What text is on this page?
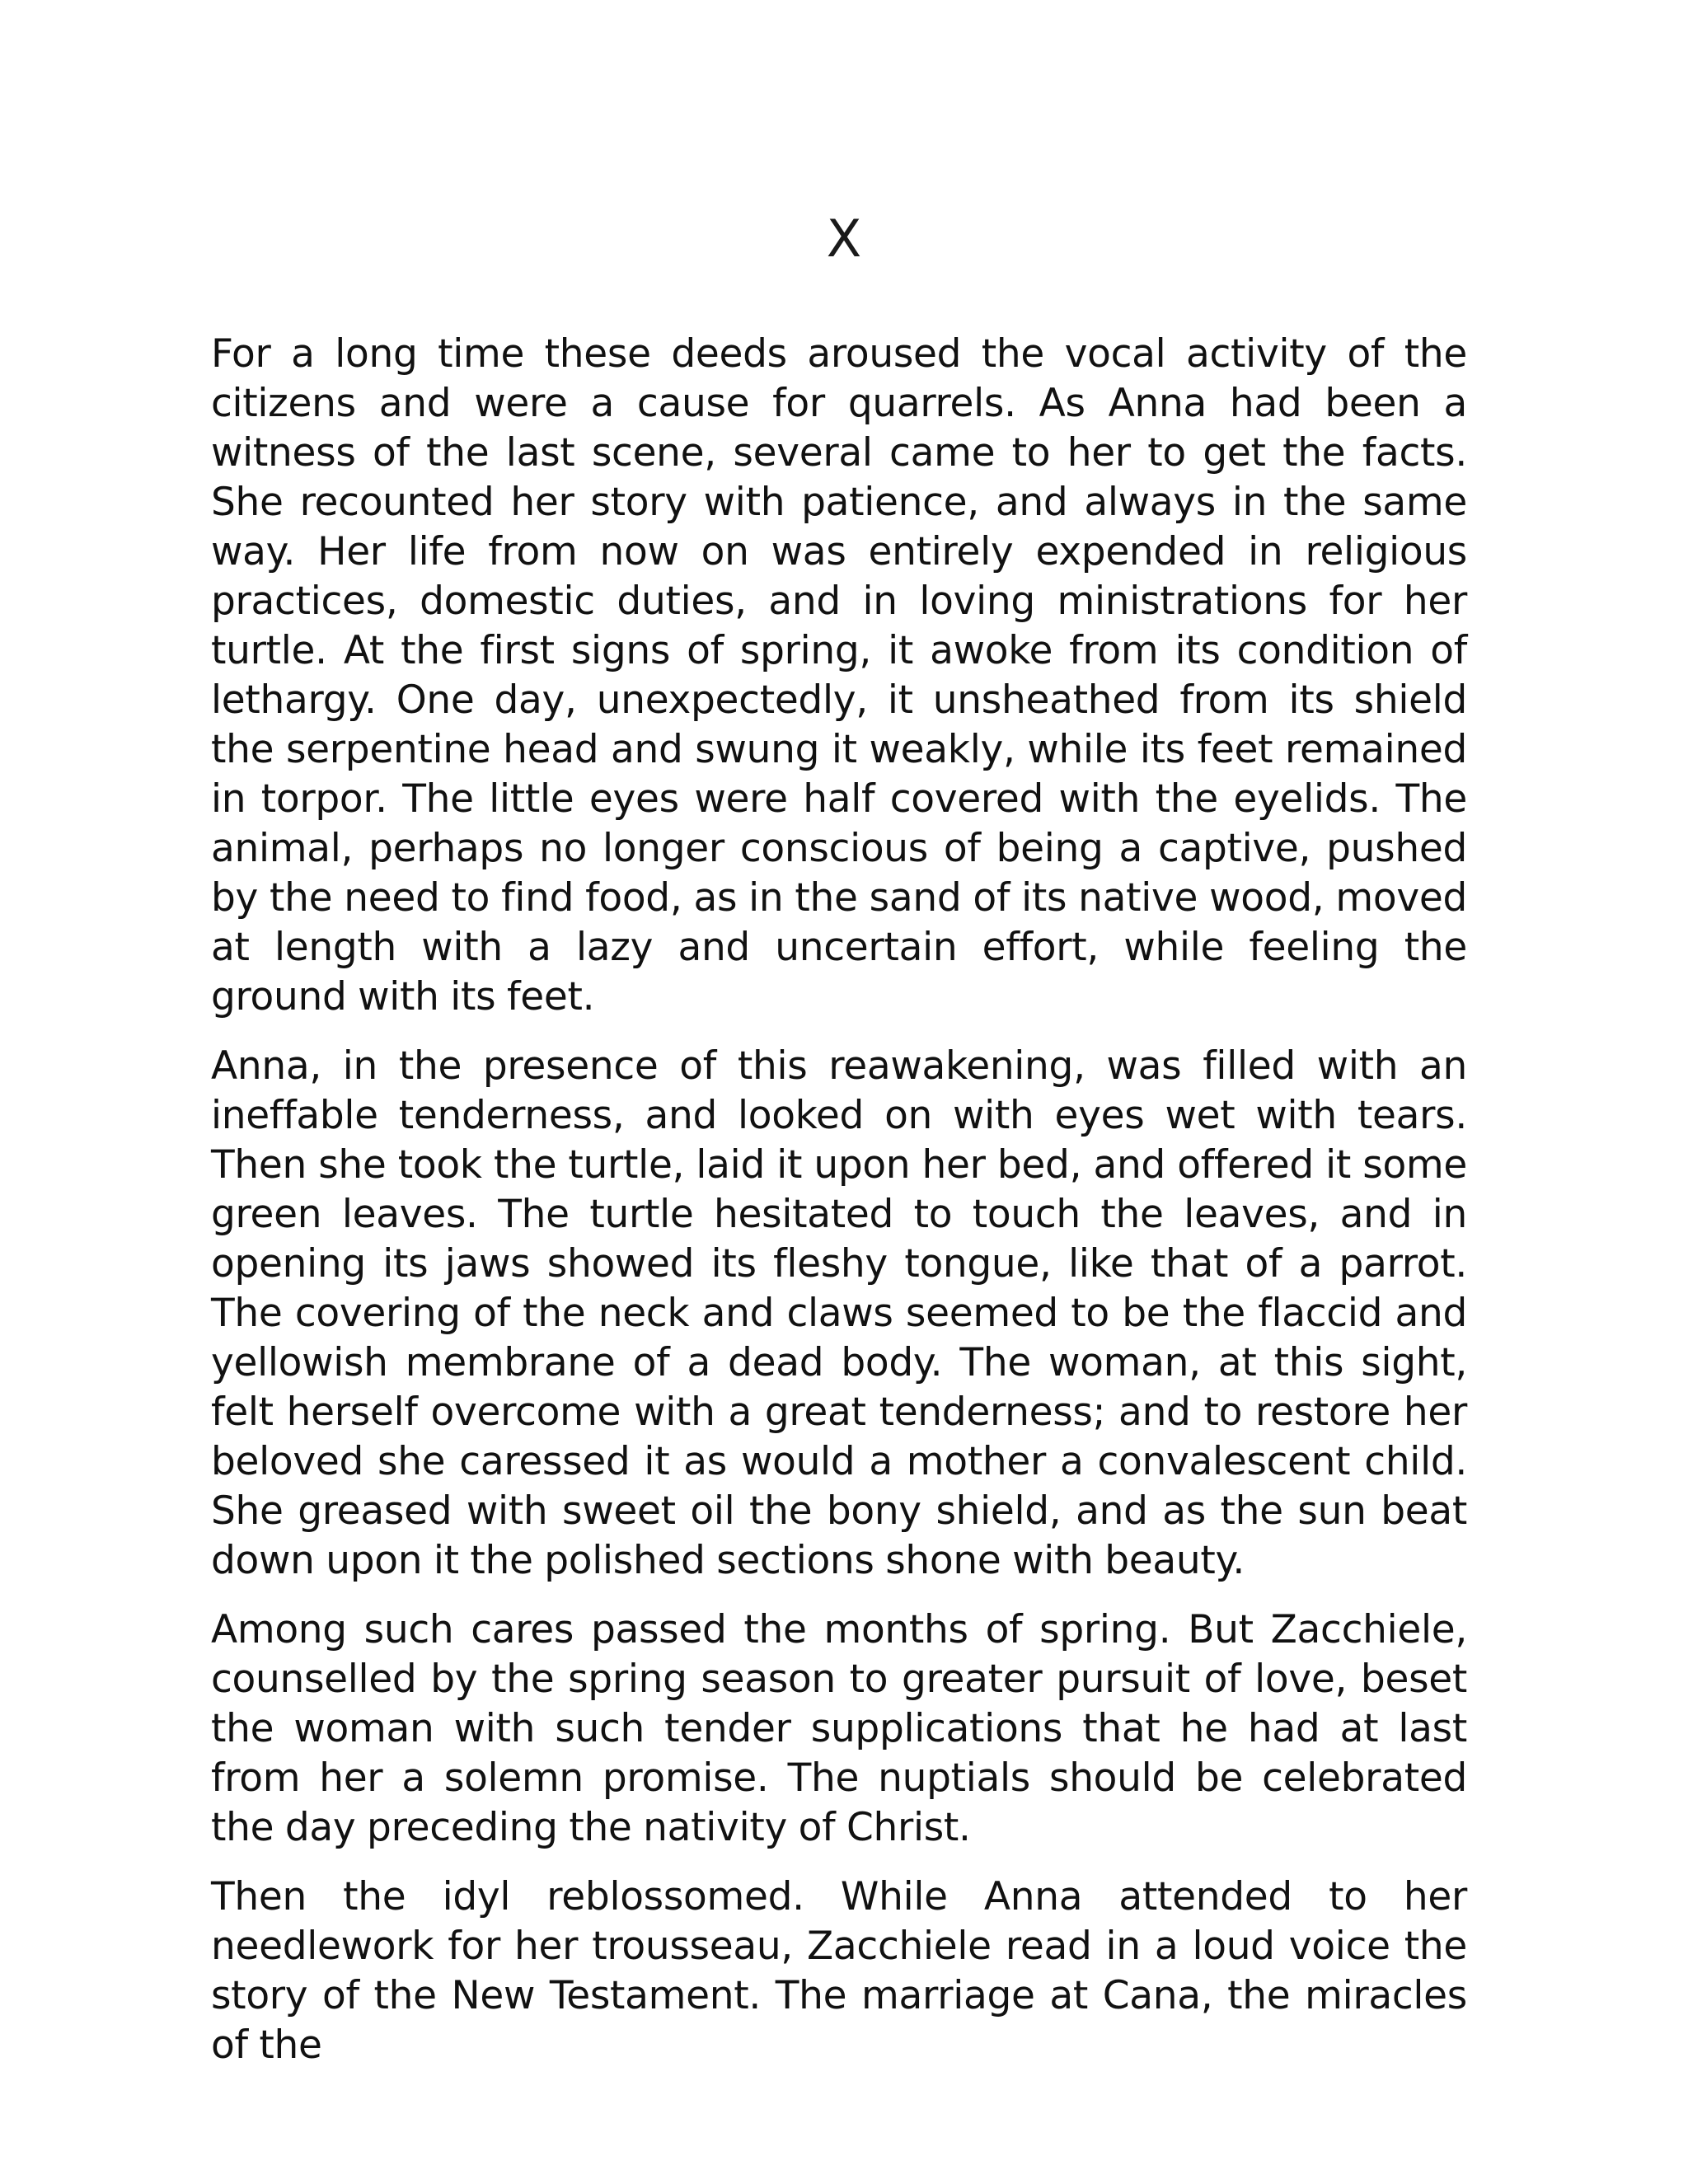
X

For a long time these deeds aroused the vocal activity of the citizens and were a cause for quarrels. As Anna had been a witness of the last scene, several came to her to get the facts. She recounted her story with patience, and always in the same way. Her life from now on was entirely expended in religious practices, domestic duties, and in loving ministrations for her turtle. At the first signs of spring, it awoke from its condition of lethargy. One day, unexpectedly, it unsheathed from its shield the serpentine head and swung it weakly, while its feet remained in torpor. The little eyes were half covered with the eyelids. The animal, perhaps no longer conscious of being a captive, pushed by the need to find food, as in the sand of its native wood, moved at length with a lazy and uncertain effort, while feeling the ground with its feet.

Anna, in the presence of this reawakening, was filled with an ineffable tenderness, and looked on with eyes wet with tears. Then she took the turtle, laid it upon her bed, and offered it some green leaves. The turtle hesitated to touch the leaves, and in opening its jaws showed its fleshy tongue, like that of a parrot. The covering of the neck and claws seemed to be the flaccid and yellowish membrane of a dead body. The woman, at this sight, felt herself overcome with a great tenderness; and to restore her beloved she caressed it as would a mother a convalescent child. She greased with sweet oil the bony shield, and as the sun beat down upon it the polished sections shone with beauty.

Among such cares passed the months of spring. But Zacchiele, counselled by the spring season to greater pursuit of love, beset the woman with such tender supplications that he had at last from her a solemn promise. The nuptials should be celebrated the day preceding the nativity of Christ.

Then the idyl reblossomed. While Anna attended to her needlework for her trousseau, Zacchiele read in a loud voice the story of the New Testament. The marriage at Cana, the miracles of the
